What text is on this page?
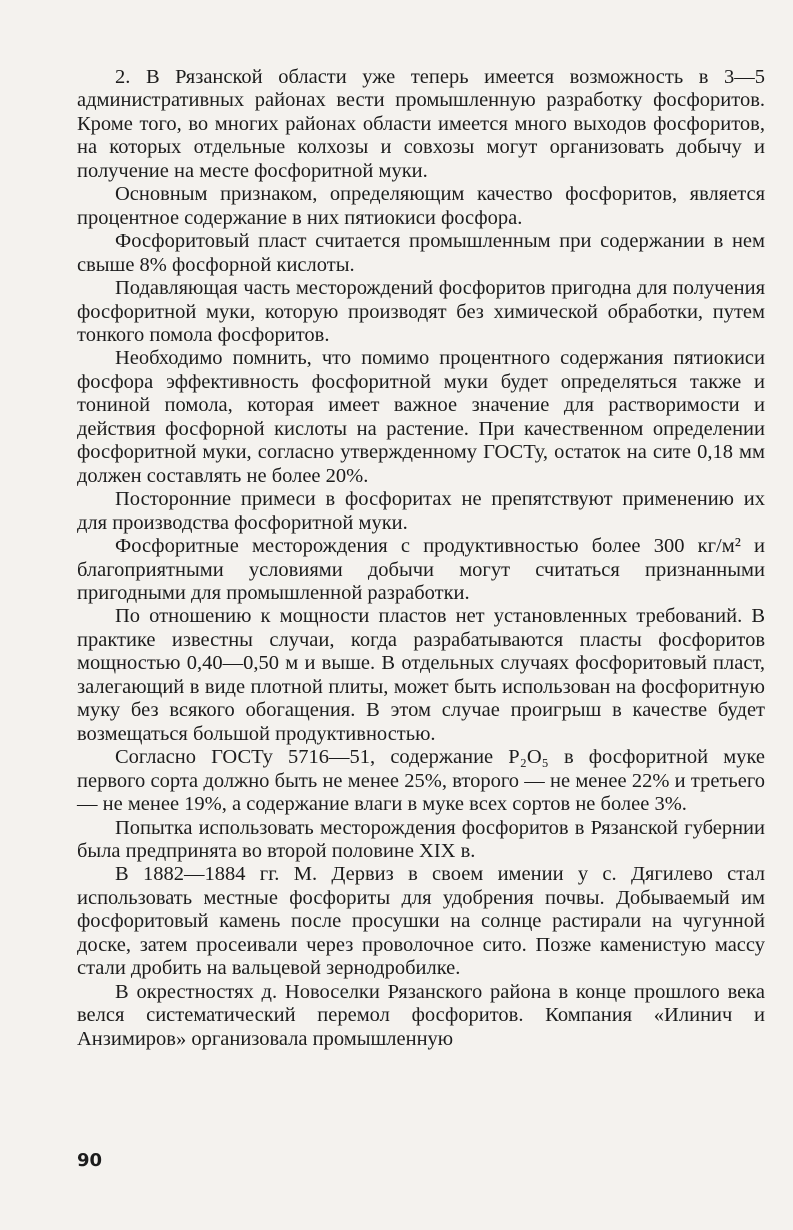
2. В Рязанской области уже теперь имеется возможность в 3—5 административных районах вести промышленную разработку фосфоритов. Кроме того, во многих районах области имеется много выходов фосфоритов, на которых отдельные колхозы и совхозы могут организовать добычу и получение на месте фосфоритной муки.

Основным признаком, определяющим качество фосфоритов, является процентное содержание в них пятиокиси фосфора.

Фосфоритовый пласт считается промышленным при содержании в нем свыше 8% фосфорной кислоты.

Подавляющая часть месторождений фосфоритов пригодна для получения фосфоритной муки, которую производят без химической обработки, путем тонкого помола фосфоритов.

Необходимо помнить, что помимо процентного содержания пятиокиси фосфора эффективность фосфоритной муки будет определяться также и тониной помола, которая имеет важное значение для растворимости и действия фосфорной кислоты на растение. При качественном определении фосфоритной муки, согласно утвержденному ГОСТу, остаток на сите 0,18 мм должен составлять не более 20%.

Посторонние примеси в фосфоритах не препятствуют применению их для производства фосфоритной муки.

Фосфоритные месторождения с продуктивностью более 300 кг/м² и благоприятными условиями добычи могут считаться признанными пригодными для промышленной разработки.

По отношению к мощности пластов нет установленных требований. В практике известны случаи, когда разрабатываются пласты фосфоритов мощностью 0,40—0,50 м и выше. В отдельных случаях фосфоритовый пласт, залегающий в виде плотной плиты, может быть использован на фосфоритную муку без всякого обогащения. В этом случае проигрыш в качестве будет возмещаться большой продуктивностью.

Согласно ГОСТу 5716—51, содержание P₂O₅ в фосфоритной муке первого сорта должно быть не менее 25%, второго — не менее 22% и третьего — не менее 19%, а содержание влаги в муке всех сортов не более 3%.

Попытка использовать месторождения фосфоритов в Рязанской губернии была предпринята во второй половине XIX в.

В 1882—1884 гг. М. Дервиз в своем имении у с. Дягилево стал использовать местные фосфориты для удобрения почвы. Добываемый им фосфоритовый камень после просушки на солнце растирали на чугунной доске, затем просеивали через проволочное сито. Позже каменистую массу стали дробить на вальцевой зернодробилке.

В окрестностях д. Новоселки Рязанского района в конце прошлого века велся систематический перемол фосфоритов. Компания «Илинич и Анзимиров» организовала промышленную

90
